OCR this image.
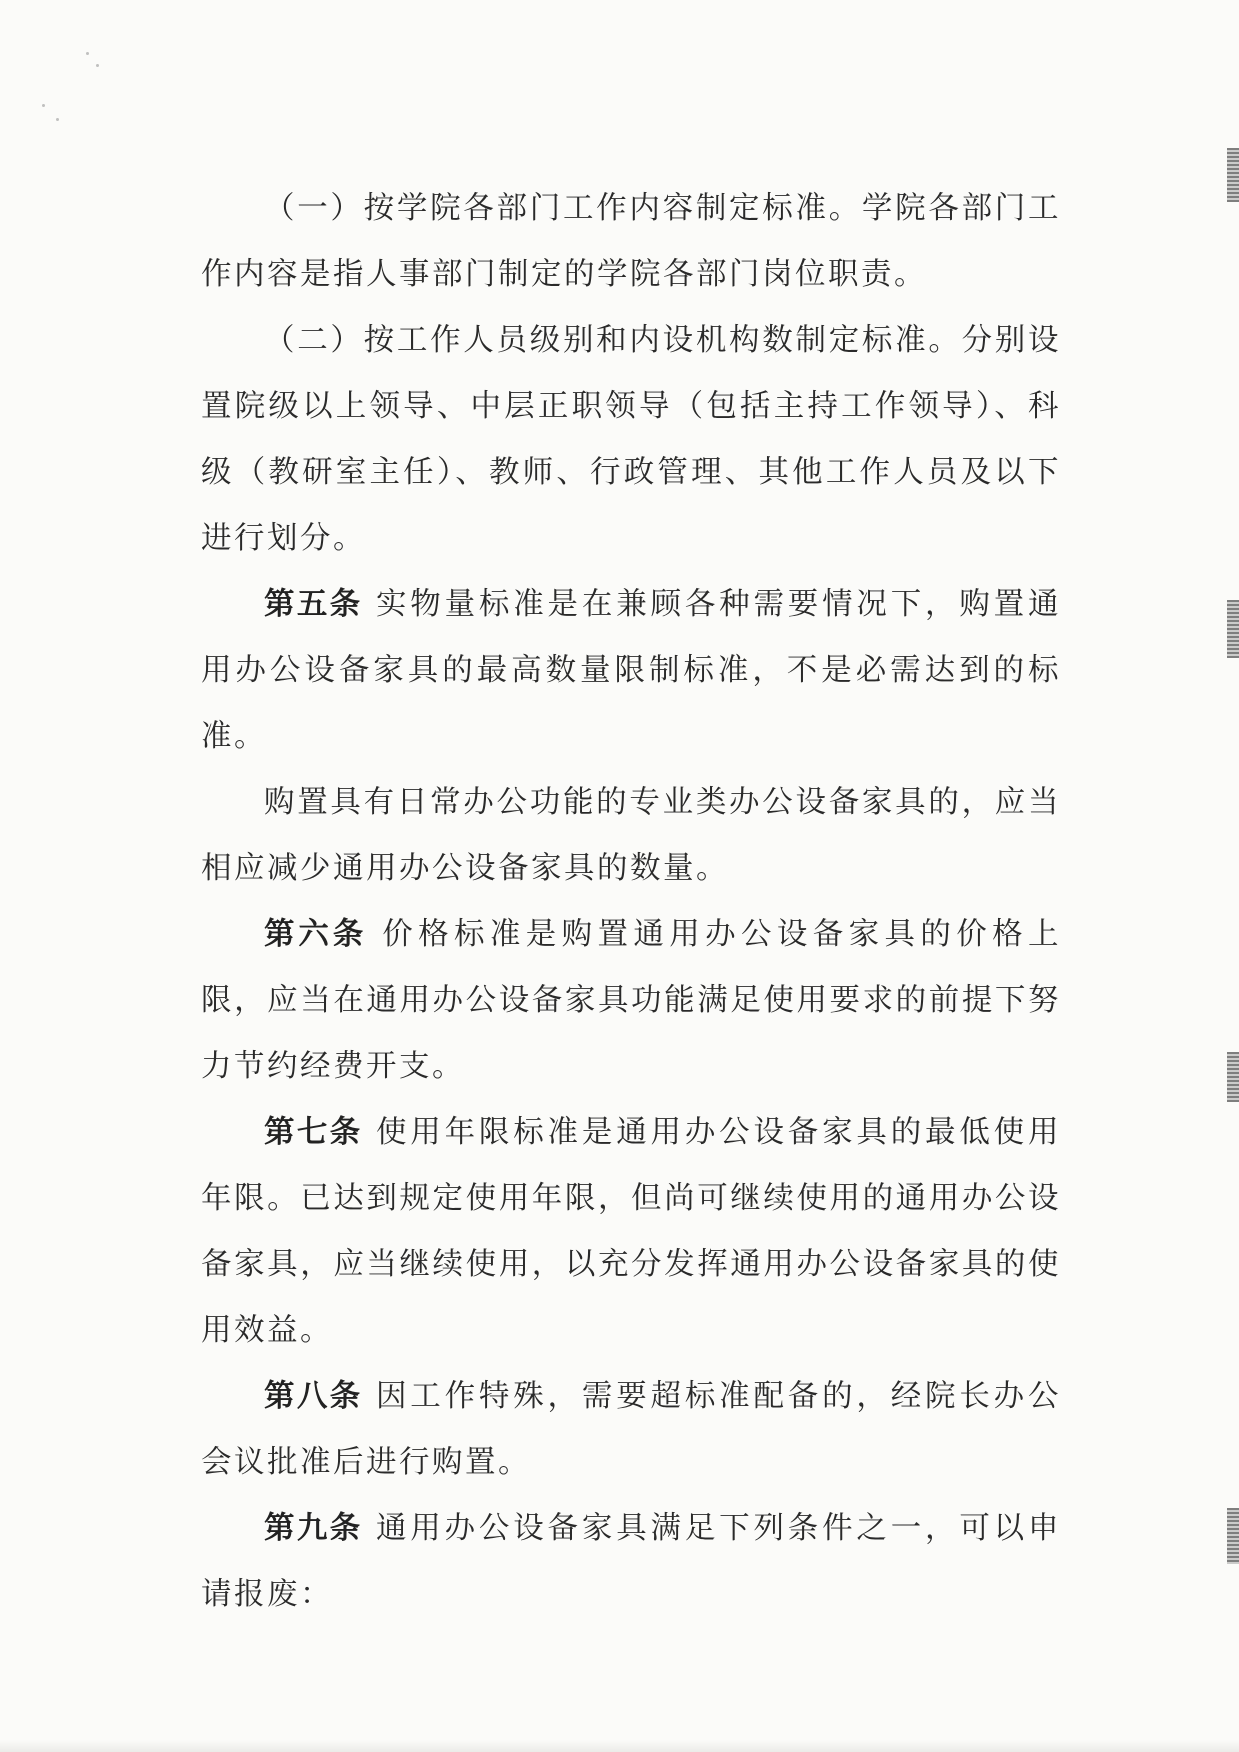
（一）按学院各部门工作内容制定标准。学院各部门工作内容是指人事部门制定的学院各部门岗位职责。

（二）按工作人员级别和内设机构数制定标准。分别设置院级以上领导、中层正职领导（包括主持工作领导）、科级（教研室主任）、教师、行政管理、其他工作人员及以下进行划分。

第五条 实物量标准是在兼顾各种需要情况下，购置通用办公设备家具的最高数量限制标准，不是必需达到的标准。

购置具有日常办公功能的专业类办公设备家具的，应当相应减少通用办公设备家具的数量。

第六条 价格标准是购置通用办公设备家具的价格上限，应当在通用办公设备家具功能满足使用要求的前提下努力节约经费开支。

第七条 使用年限标准是通用办公设备家具的最低使用年限。已达到规定使用年限，但尚可继续使用的通用办公设备家具，应当继续使用，以充分发挥通用办公设备家具的使用效益。

第八条 因工作特殊，需要超标准配备的，经院长办公会议批准后进行购置。

第九条 通用办公设备家具满足下列条件之一，可以申请报废：
